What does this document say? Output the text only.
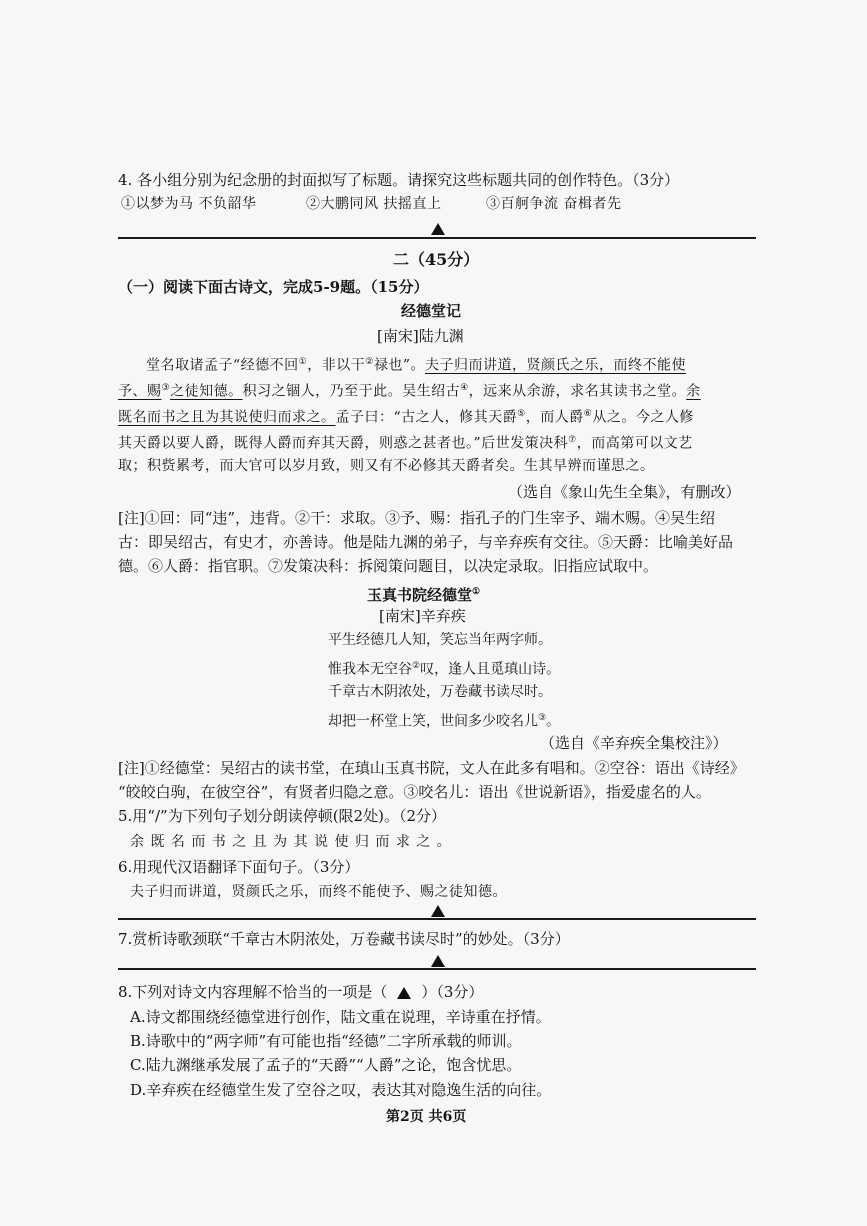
4. 各小组分别为纪念册的封面拟写了标题。请探究这些标题共同的创作特色。（3分）
①以梦为马 不负韶华	②大鹏同风 扶摇直上	③百舸争流 奋楫者先
二（45分）
（一）阅读下面古诗文，完成5-9题。（15分）
经德堂记
[南宋]陆九渊
堂名取诸孟子“经德不回①，非以干②禄也”。夫子归而讲道，贤颜氏之乐，而终不能使
予、赐③之徒知德。积习之锢人，乃至于此。吴生绍古④，远来从余游，求名其读书之堂。余
既名而书之且为其说使归而求之。孟子曰：“古之人，修其天爵⑤，而人爵⑥从之。今之人修
其天爵以要人爵，既得人爵而弃其天爵，则惑之甚者也。”后世发策决科⑦，而高第可以文艺
取；积赀累考，而大官可以岁月致，则又有不必修其天爵者矣。生其早辨而谨思之。
（选自《象山先生全集》，有删改）
[注]①回：同“违”，违背。②干：求取。③予、赐：指孔子的门生宰予、端木赐。④吴生绍
古：即吴绍古，有史才，亦善诗。他是陆九渊的弟子，与辛弃疾有交往。⑤天爵：比喻美好品
德。⑥人爵：指官职。⑦发策决科：拆阅策问题目，以决定录取。旧指应试取中。
玉真书院经德堂①
[南宋]辛弃疾
平生经德几人知，笑忘当年两字师。
惟我本无空谷②叹，逢人且觅瑱山诗。
千章古木阴浓处，万卷藏书读尽时。
却把一杯堂上笑，世间多少咬名儿③。
（选自《辛弃疾全集校注》）
[注]①经德堂：吴绍古的读书堂，在瑱山玉真书院，文人在此多有唱和。②空谷：语出《诗经》
“皎皎白驹，在彼空谷”，有贤者归隐之意。③咬名儿：语出《世说新语》，指爱虚名的人。
5.用“/”为下列句子划分朗读停顿(限2处)。（2分）
余 既 名 而 书 之 且 为 其 说 使 归 而 求 之 。
6.用现代汉语翻译下面句子。（3分）
夫子归而讲道，贤颜氏之乐，而终不能使予、赐之徒知德。
7.赏析诗歌颈联“千章古木阴浓处，万卷藏书读尽时”的妙处。（3分）
8.下列对诗文内容理解不恰当的一项是（ ）（3分）
A.诗文都围绕经德堂进行创作，陆文重在说理，辛诗重在抒情。
B.诗歌中的“两字师”有可能也指“经德”二字所承载的师训。
C.陆九渊继承发展了孟子的“天爵”“人爵”之论，饱含忧思。
D.辛弃疾在经德堂生发了空谷之叹，表达其对隐逸生活的向往。
第2页 共6页
